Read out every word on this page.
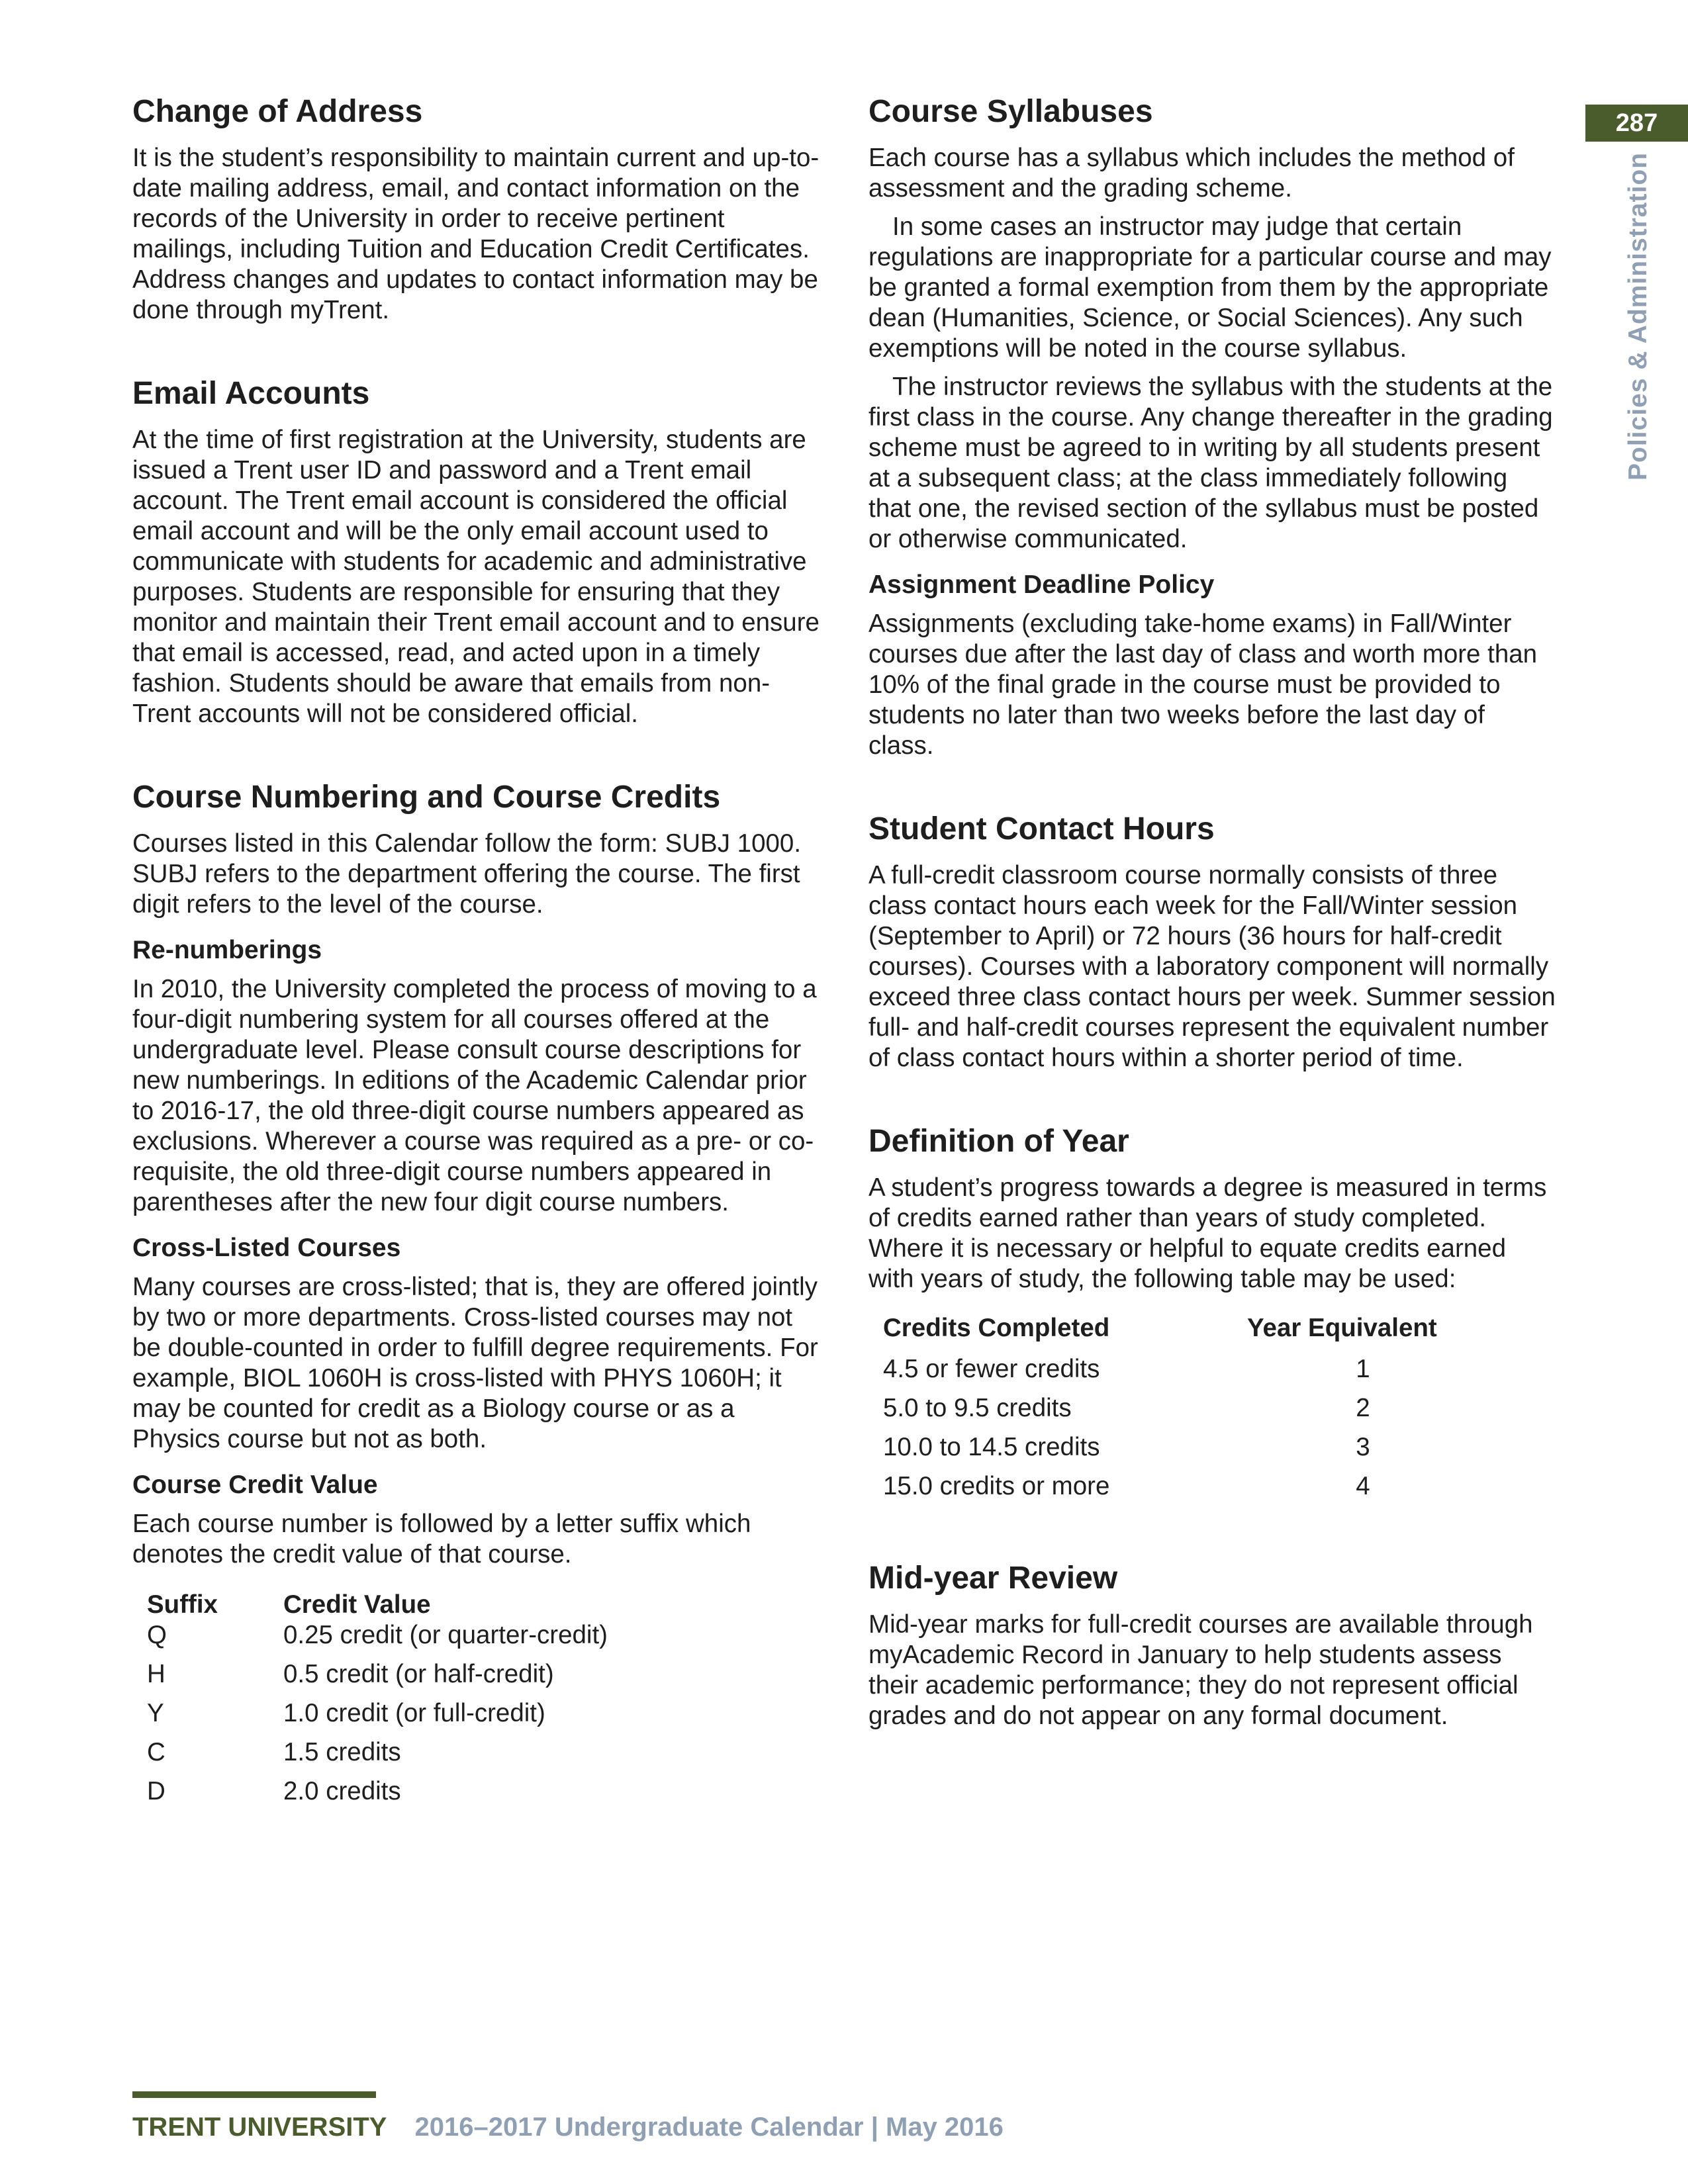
287
Policies & Administration
Change of Address

It is the student’s responsibility to maintain current and up-to-date mailing address, email, and contact information on the records of the University in order to receive pertinent mailings, including Tuition and Education Credit Certificates. Address changes and updates to contact information may be done through myTrent.

Email Accounts

At the time of first registration at the University, students are issued a Trent user ID and password and a Trent email account. The Trent email account is considered the official email account and will be the only email account used to communicate with students for academic and administrative purposes. Students are responsible for ensuring that they monitor and maintain their Trent email account and to ensure that email is accessed, read, and acted upon in a timely fashion. Students should be aware that emails from non-Trent accounts will not be considered official.

Course Numbering and Course Credits

Courses listed in this Calendar follow the form: SUBJ 1000. SUBJ refers to the department offering the course. The first digit refers to the level of the course.

Re-numberings

In 2010, the University completed the process of moving to a four-digit numbering system for all courses offered at the undergraduate level. Please consult course descriptions for new numberings. In editions of the Academic Calendar prior to 2016-17, the old three-digit course numbers appeared as exclusions. Wherever a course was required as a pre- or co-requisite, the old three-digit course numbers appeared in parentheses after the new four digit course numbers.

Cross-Listed Courses

Many courses are cross-listed; that is, they are offered jointly by two or more departments. Cross-listed courses may not be double-counted in order to fulfill degree requirements. For example, BIOL 1060H is cross-listed with PHYS 1060H; it may be counted for credit as a Biology course or as a Physics course but not as both.

Course Credit Value

Each course number is followed by a letter suffix which denotes the credit value of that course.

Suffix	Credit Value
Q	0.25 credit (or quarter-credit)
H	0.5 credit (or half-credit)
Y	1.0 credit (or full-credit)
C	1.5 credits
D	2.0 credits
Course Syllabuses

Each course has a syllabus which includes the method of assessment and the grading scheme.

In some cases an instructor may judge that certain regulations are inappropriate for a particular course and may be granted a formal exemption from them by the appropriate dean (Humanities, Science, or Social Sciences). Any such exemptions will be noted in the course syllabus.

The instructor reviews the syllabus with the students at the first class in the course. Any change thereafter in the grading scheme must be agreed to in writing by all students present at a subsequent class; at the class immediately following that one, the revised section of the syllabus must be posted or otherwise communicated.

Assignment Deadline Policy

Assignments (excluding take-home exams) in Fall/Winter courses due after the last day of class and worth more than 10% of the final grade in the course must be provided to students no later than two weeks before the last day of class.

Student Contact Hours

A full-credit classroom course normally consists of three class contact hours each week for the Fall/Winter session (September to April) or 72 hours (36 hours for half-credit courses). Courses with a laboratory component will normally exceed three class contact hours per week. Summer session full- and half-credit courses represent the equivalent number of class contact hours within a shorter period of time.

Definition of Year

A student’s progress towards a degree is measured in terms of credits earned rather than years of study completed. Where it is necessary or helpful to equate credits earned with years of study, the following table may be used:

Credits Completed	Year Equivalent
4.5 or fewer credits	1
5.0 to 9.5 credits	2
10.0 to 14.5 credits	3
15.0 credits or more	4
Mid-year Review

Mid-year marks for full-credit courses are available through myAcademic Record in January to help students assess their academic performance; they do not represent official grades and do not appear on any formal document.

TRENT UNIVERSITY 2016–2017 Undergraduate Calendar | May 2016
